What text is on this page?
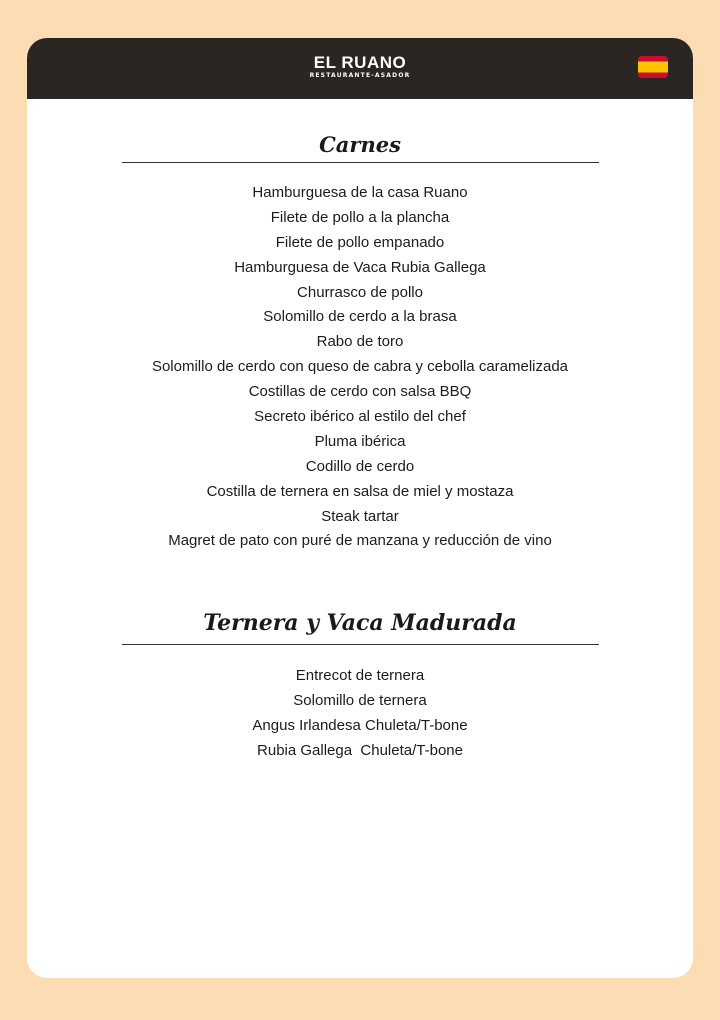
EL RUANO
RESTAURANTE-ASADOR
Carnes
Hamburguesa de la casa Ruano
Filete de pollo a la plancha
Filete de pollo empanado
Hamburguesa de Vaca Rubia Gallega
Churrasco de pollo
Solomillo de cerdo a la brasa
Rabo de toro
Solomillo de cerdo con queso de cabra y cebolla caramelizada
Costillas de cerdo con salsa BBQ
Secreto ibérico al estilo del chef
Pluma ibérica
Codillo de cerdo
Costilla de ternera en salsa de miel y mostaza
Steak tartar
Magret de pato con puré de manzana y reducción de vino
Ternera y Vaca Madurada
Entrecot de ternera
Solomillo de ternera
Angus Irlandesa Chuleta/T-bone
Rubia Gallega  Chuleta/T-bone
